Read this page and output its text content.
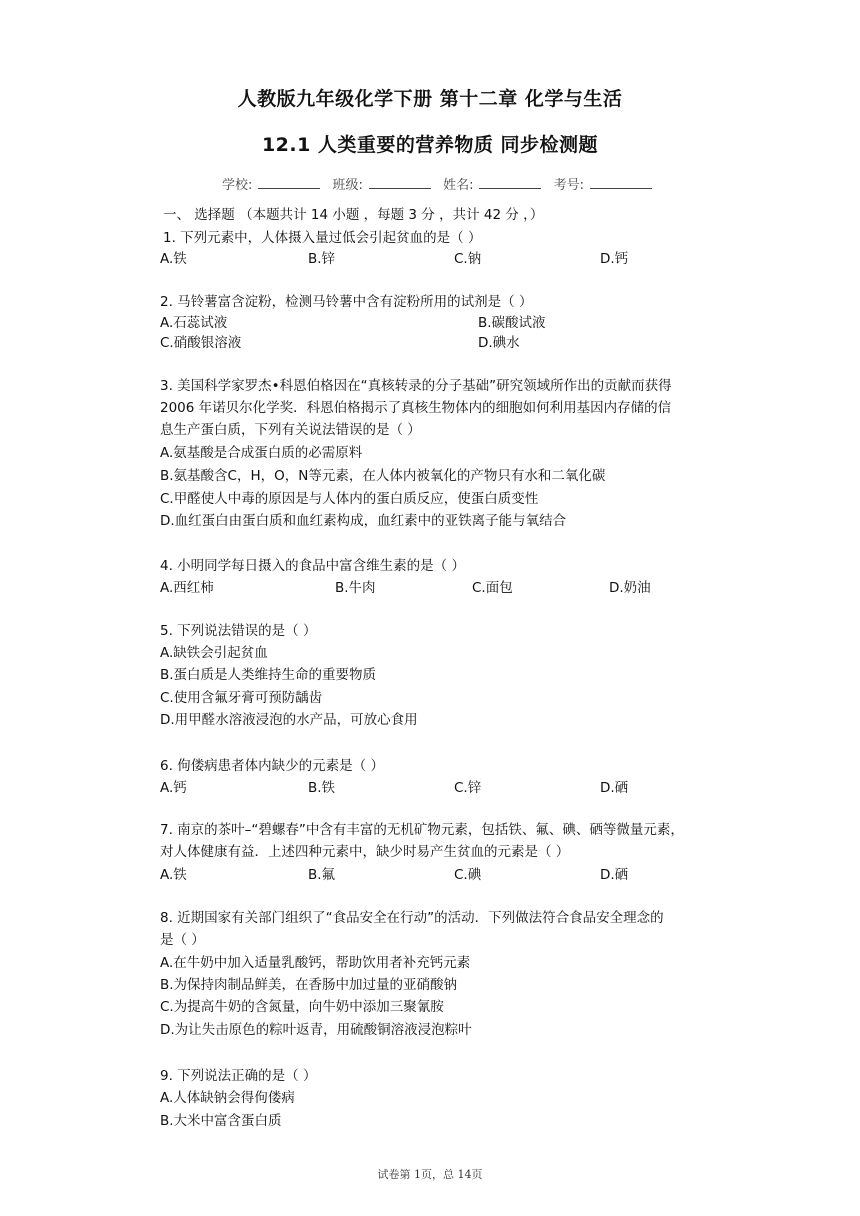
人教版九年级化学下册 第十二章 化学与生活
12.1 人类重要的营养物质 同步检测题
学校:	班级:	姓名:	考号:
一、 选择题 （本题共计 14 小题 ，每题 3 分 ，共计 42 分 ，）
1. 下列元素中，人体摄入量过低会引起贫血的是（ ）
A.铁	B.锌	C.钠	D.钙
2. 马铃薯富含淀粉，检测马铃薯中含有淀粉所用的试剂是（ ）
A.石蕊试液	B.碳酸试液
C.硝酸银溶液	D.碘水
3. 美国科学家罗杰•科恩伯格因在“真核转录的分子基础”研究领域所作出的贡献而获得
2006 年诺贝尔化学奖．科恩伯格揭示了真核生物体内的细胞如何利用基因内存储的信
息生产蛋白质，下列有关说法错误的是（ ）
A.氨基酸是合成蛋白质的必需原料
B.氨基酸含C，H，O，N等元素，在人体内被氧化的产物只有水和二氧化碳
C.甲醛使人中毒的原因是与人体内的蛋白质反应，使蛋白质变性
D.血红蛋白由蛋白质和血红素构成，血红素中的亚铁离子能与氧结合
4. 小明同学每日摄入的食品中富含维生素的是（ ）
A.西红柿	B.牛肉	C.面包	D.奶油
5. 下列说法错误的是（ ）
A.缺铁会引起贫血
B.蛋白质是人类维持生命的重要物质
C.使用含氟牙膏可预防龋齿
D.用甲醛水溶液浸泡的水产品，可放心食用
6. 佝偻病患者体内缺少的元素是（ ）
A.钙	B.铁	C.锌	D.硒
7. 南京的茶叶–“碧螺春”中含有丰富的无机矿物元素，包括铁、氟、碘、硒等微量元素，
对人体健康有益．上述四种元素中，缺少时易产生贫血的元素是（ ）
A.铁	B.氟	C.碘	D.硒
8. 近期国家有关部门组织了“食品安全在行动”的活动．下列做法符合食品安全理念的
是（ ）
A.在牛奶中加入适量乳酸钙，帮助饮用者补充钙元素
B.为保持肉制品鲜美，在香肠中加过量的亚硝酸钠
C.为提高牛奶的含氮量，向牛奶中添加三聚氰胺
D.为让失击原色的粽叶返青，用硫酸铜溶液浸泡粽叶
9. 下列说法正确的是（ ）
A.人体缺钠会得佝偻病
B.大米中富含蛋白质
试卷第 1页，总 14页
